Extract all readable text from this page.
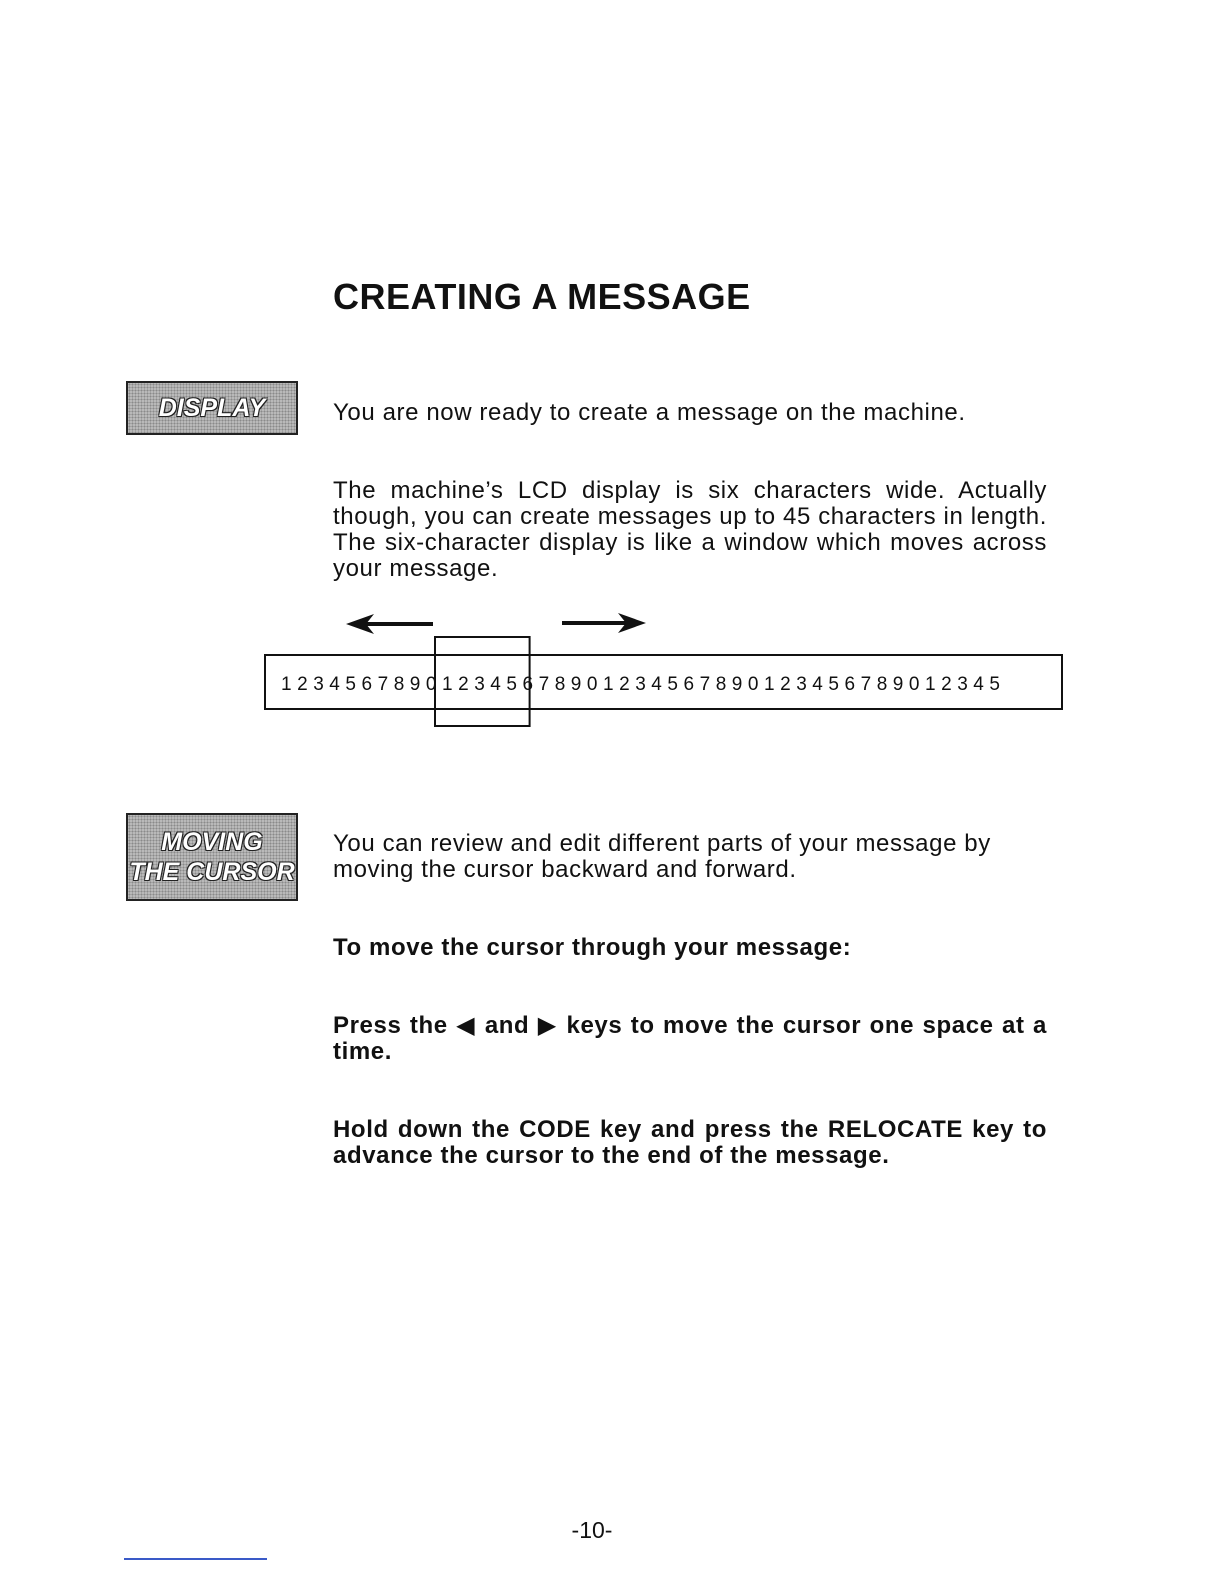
CREATING A MESSAGE
DISPLAY	You are now ready to create a message on the machine.

The machine’s LCD display is six characters wide. Actually though, you can create messages up to 45 characters in length. The six-character display is like a window which moves across your message.

1 2 3 4 5 6 7 8 9 0 1 2 3 4 5 6 7 8 9 0 1 2 3 4 5 6 7 8 9 0 1 2 3 4 5 6 7 8 9 0 1 2 3 4 5
MOVING
THE CURSOR

You can review and edit different parts of your message by moving the cursor backward and forward.

To move the cursor through your message:

Press the ◀ and ▶ keys to move the cursor one space at a time.

Hold down the CODE key and press the RELOCATE key to advance the cursor to the end of the message.

-10-
